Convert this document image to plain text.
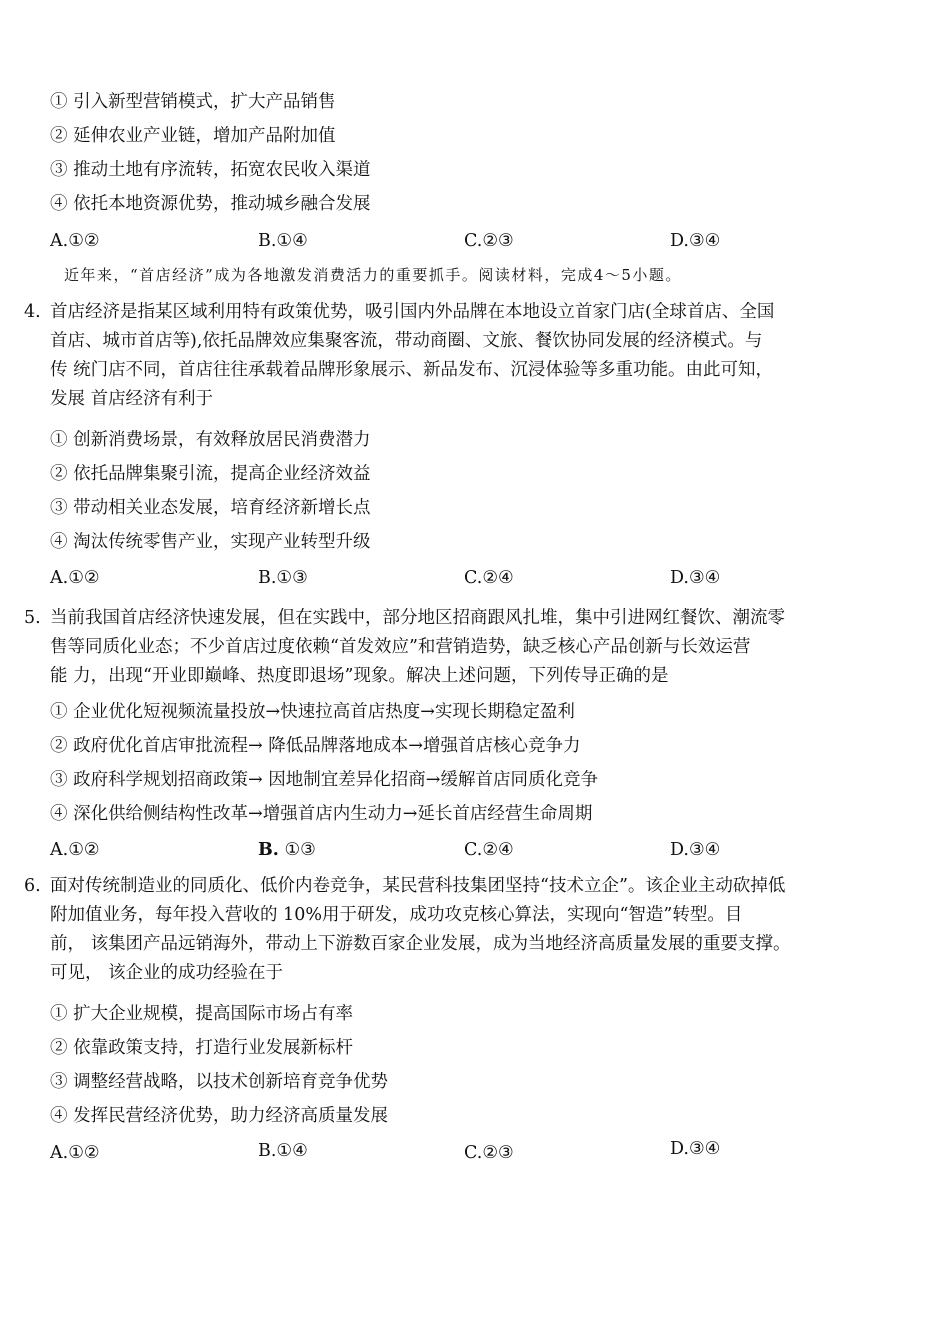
① 引入新型营销模式，扩大产品销售
② 延伸农业产业链，增加产品附加值
③ 推动土地有序流转，拓宽农民收入渠道
④ 依托本地资源优势，推动城乡融合发展
A.①②	B.①④	C.②③	D.③④
近年来，“首店经济”成为各地激发消费活力的重要抓手。阅读材料，完成4～5小题。
4. 首店经济是指某区域利用特有政策优势，吸引国内外品牌在本地设立首家门店(全球首店、全国
首店、城市首店等),依托品牌效应集聚客流，带动商圈、文旅、餐饮协同发展的经济模式。与
传 统门店不同，首店往往承载着品牌形象展示、新品发布、沉浸体验等多重功能。由此可知，
发展 首店经济有利于
① 创新消费场景，有效释放居民消费潜力
② 依托品牌集聚引流，提高企业经济效益
③ 带动相关业态发展，培育经济新增长点
④ 淘汰传统零售产业，实现产业转型升级
A.①②	B.①③	C.②④	D.③④
5. 当前我国首店经济快速发展，但在实践中，部分地区招商跟风扎堆，集中引进网红餐饮、潮流零
售等同质化业态；不少首店过度依赖“首发效应”和营销造势，缺乏核心产品创新与长效运营
能 力，出现“开业即巅峰、热度即退场”现象。解决上述问题，下列传导正确的是
① 企业优化短视频流量投放→快速拉高首店热度→实现长期稳定盈利
② 政府优化首店审批流程→ 降低品牌落地成本→增强首店核心竞争力
③ 政府科学规划招商政策→ 因地制宜差异化招商→缓解首店同质化竞争
④ 深化供给侧结构性改革→增强首店内生动力→延长首店经营生命周期
A.①②	B. ①③	C.②④	D.③④
6. 面对传统制造业的同质化、低价内卷竞争，某民营科技集团坚持“技术立企”。该企业主动砍掉低
附加值业务，每年投入营收的 10%用于研发，成功攻克核心算法，实现向“智造”转型。目
前， 该集团产品远销海外，带动上下游数百家企业发展，成为当地经济高质量发展的重要支撑。
可见， 该企业的成功经验在于
① 扩大企业规模，提高国际市场占有率
② 依靠政策支持，打造行业发展新标杆
③ 调整经营战略，以技术创新培育竞争优势
④ 发挥民营经济优势，助力经济高质量发展
A.①②	B.①④	C.②③	D.③④
